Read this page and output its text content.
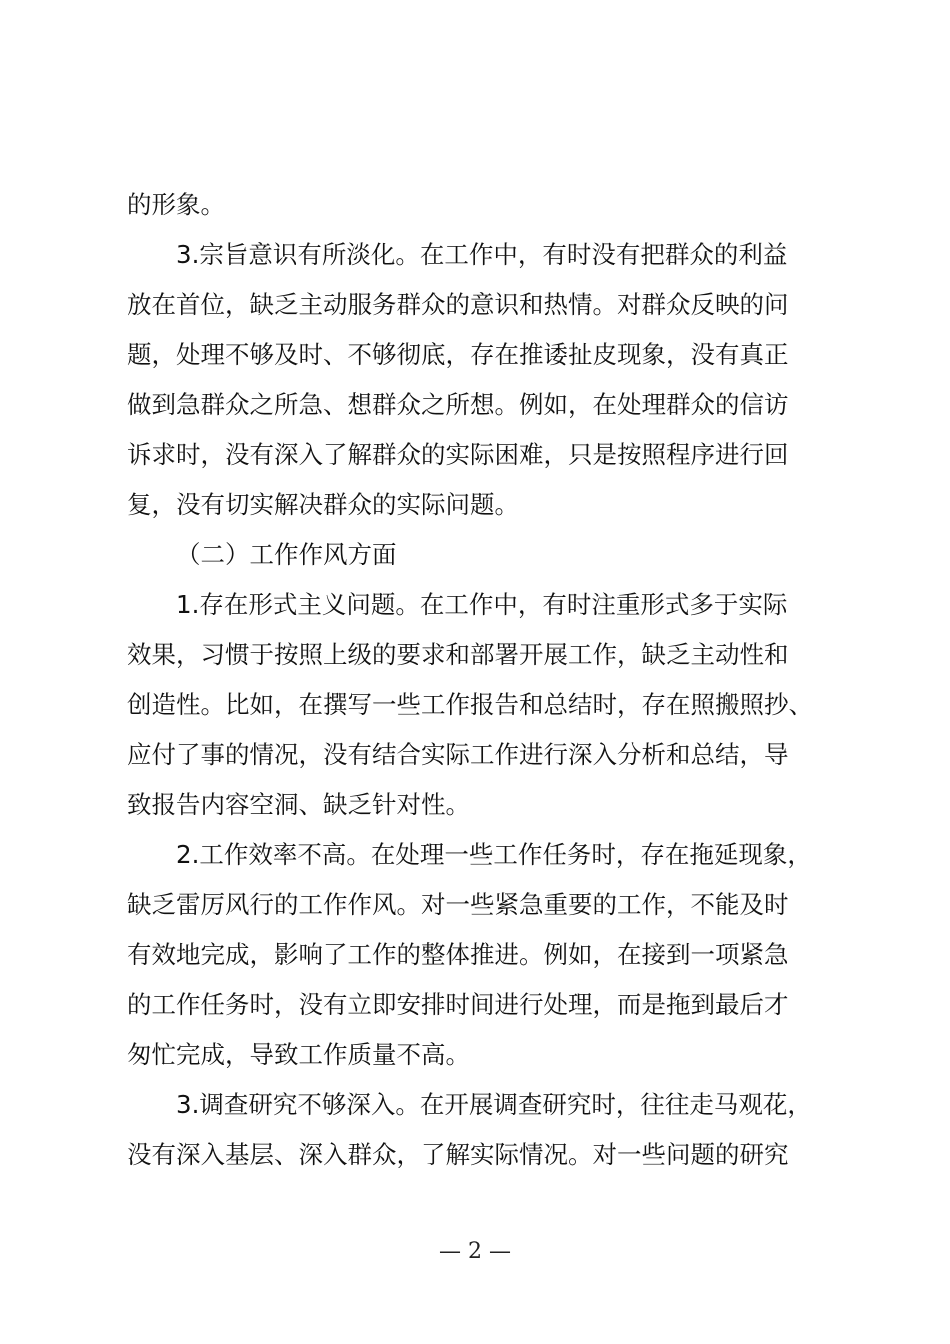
的形象。
3.宗旨意识有所淡化。在工作中，有时没有把群众的利益
放在首位，缺乏主动服务群众的意识和热情。对群众反映的问
题，处理不够及时、不够彻底，存在推诿扯皮现象，没有真正
做到急群众之所急、想群众之所想。例如，在处理群众的信访
诉求时，没有深入了解群众的实际困难，只是按照程序进行回
复，没有切实解决群众的实际问题。
（二）工作作风方面
1.存在形式主义问题。在工作中，有时注重形式多于实际
效果，习惯于按照上级的要求和部署开展工作，缺乏主动性和
创造性。比如，在撰写一些工作报告和总结时，存在照搬照抄、
应付了事的情况，没有结合实际工作进行深入分析和总结，导
致报告内容空洞、缺乏针对性。
2.工作效率不高。在处理一些工作任务时，存在拖延现象，
缺乏雷厉风行的工作作风。对一些紧急重要的工作，不能及时
有效地完成，影响了工作的整体推进。例如，在接到一项紧急
的工作任务时，没有立即安排时间进行处理，而是拖到最后才
匆忙完成，导致工作质量不高。
3.调查研究不够深入。在开展调查研究时，往往走马观花，
没有深入基层、深入群众，了解实际情况。对一些问题的研究
— 2 —
